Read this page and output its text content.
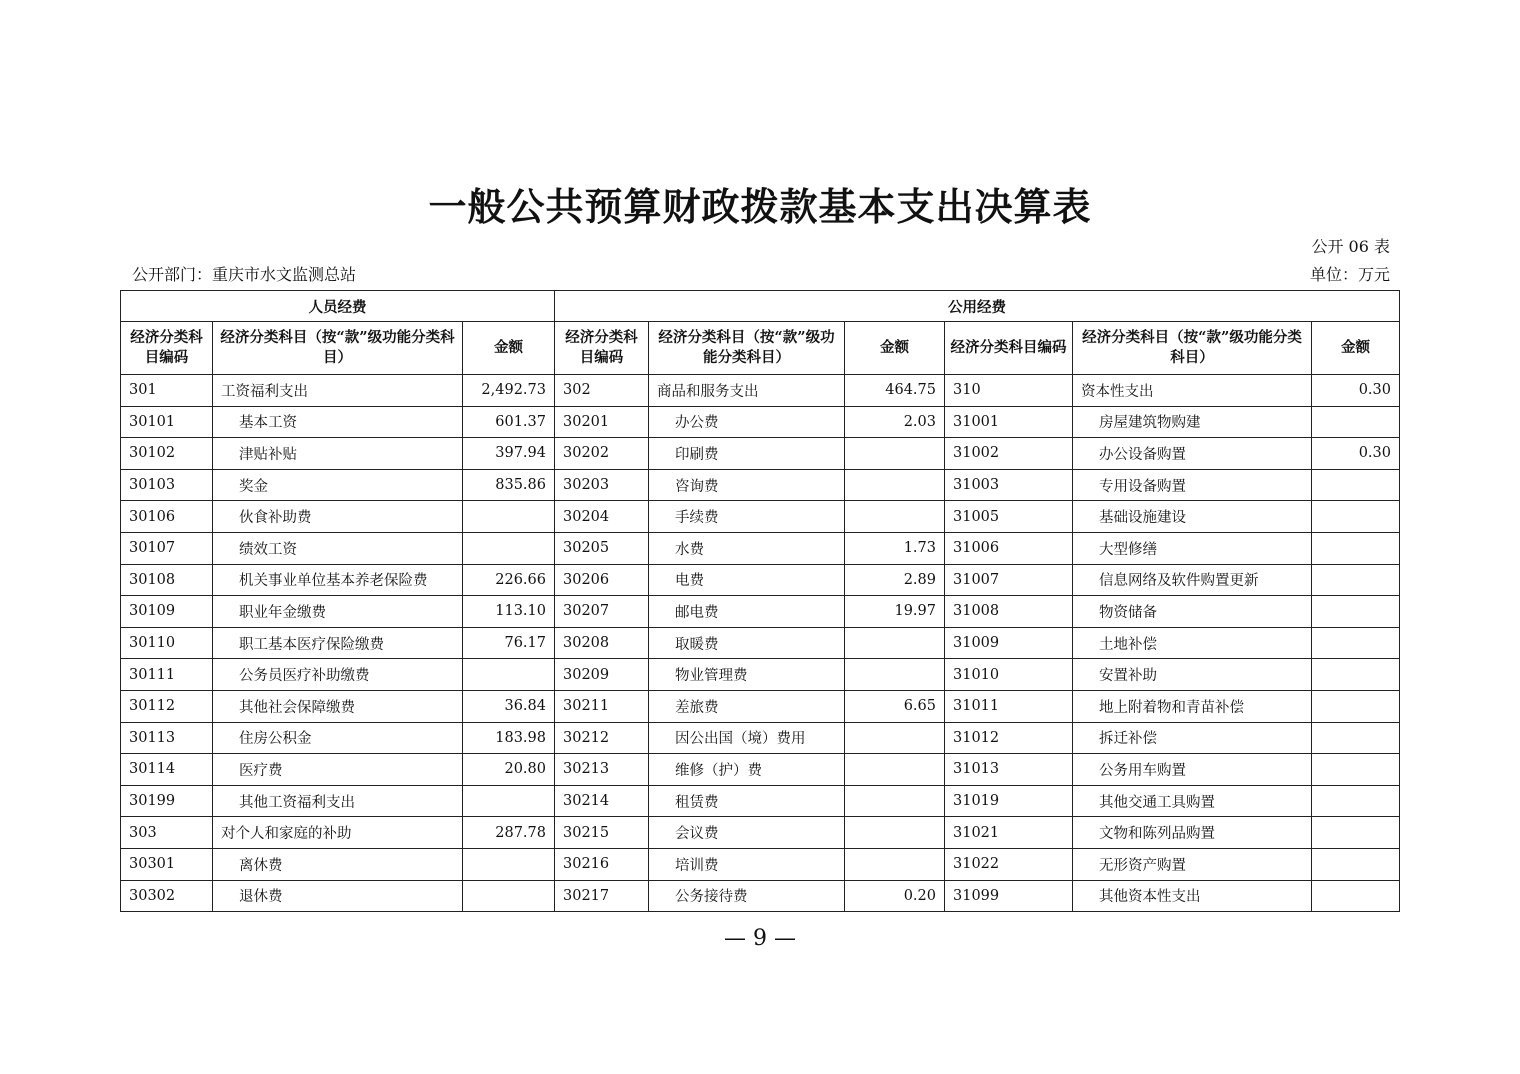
一般公共预算财政拨款基本支出决算表
公开 06 表
公开部门：重庆市水文监测总站	单位：万元
人员经费			公用经费					
经济分类科目编码	经济分类科目（按“款”级功能分类科目）	金额	经济分类科目编码	经济分类科目（按“款”级功能分类科目）	金额	经济分类科目编码	经济分类科目（按“款”级功能分类科目）	金额
301	工资福利支出	2,492.73	302	商品和服务支出	464.75	310	资本性支出	0.30
30101	基本工资	601.37	30201	办公费	2.03	31001	房屋建筑物购建	
30102	津贴补贴	397.94	30202	印刷费		31002	办公设备购置	0.30
30103	奖金	835.86	30203	咨询费		31003	专用设备购置	
30106	伙食补助费		30204	手续费		31005	基础设施建设	
30107	绩效工资		30205	水费	1.73	31006	大型修缮	
30108	机关事业单位基本养老保险费	226.66	30206	电费	2.89	31007	信息网络及软件购置更新	
30109	职业年金缴费	113.10	30207	邮电费	19.97	31008	物资储备	
30110	职工基本医疗保险缴费	76.17	30208	取暖费		31009	土地补偿	
30111	公务员医疗补助缴费		30209	物业管理费		31010	安置补助	
30112	其他社会保障缴费	36.84	30211	差旅费	6.65	31011	地上附着物和青苗补偿	
30113	住房公积金	183.98	30212	因公出国（境）费用		31012	拆迁补偿	
30114	医疗费	20.80	30213	维修（护）费		31013	公务用车购置	
30199	其他工资福利支出		30214	租赁费		31019	其他交通工具购置	
303	对个人和家庭的补助	287.78	30215	会议费		31021	文物和陈列品购置	
30301	离休费		30216	培训费		31022	无形资产购置	
30302	退休费		30217	公务接待费	0.20	31099	其他资本性支出	
— 9 —
